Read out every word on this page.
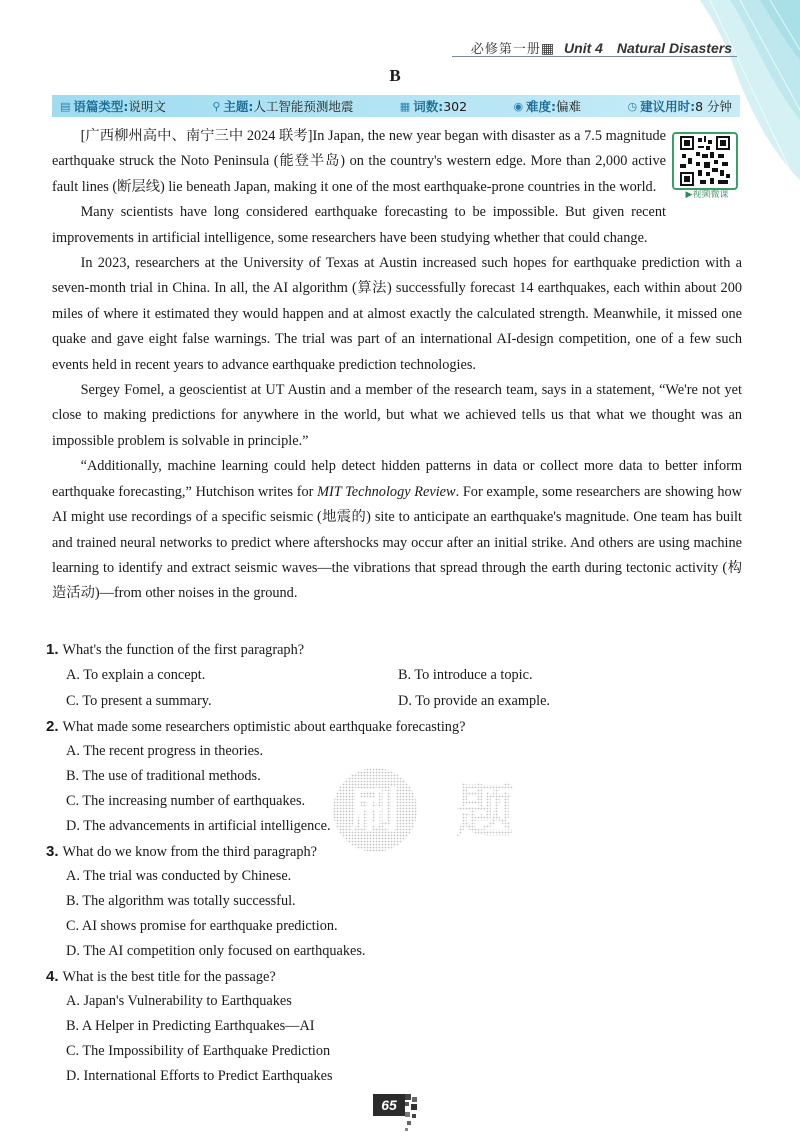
必修第一册▦ Unit 4 Natural Disasters
B
▤ 语篇类型: 说明文	⚲ 主题: 人工智能预测地震	▦ 词数: 302	◉ 难度: 偏难	◷ 建议用时: 8 分钟
▶视频微课

[广西柳州高中、南宁三中 2024 联考]In Japan, the new year began with disaster as a 7.5 magnitude earthquake struck the Noto Peninsula (能登半岛) on the country's western edge. More than 2,000 active fault lines (断层线) lie beneath Japan, making it one of the most earthquake-prone countries in the world.

Many scientists have long considered earthquake forecasting to be impossible. But given recent improvements in artificial intelligence, some researchers have been studying whether that could change.

In 2023, researchers at the University of Texas at Austin increased such hopes for earthquake prediction with a seven-month trial in China. In all, the AI algorithm (算法) successfully forecast 14 earthquakes, each within about 200 miles of where it estimated they would happen and at almost exactly the calculated strength. Meanwhile, it missed one quake and gave eight false warnings. The trial was part of an international AI-design competition, one of a few such events held in recent years to advance earthquake prediction technologies.

Sergey Fomel, a geoscientist at UT Austin and a member of the research team, says in a statement, “We're not yet close to making predictions for anywhere in the world, but what we achieved tells us that what we thought was an impossible problem is solvable in principle.”

“Additionally, machine learning could help detect hidden patterns in data or collect more data to better inform earthquake forecasting,” Hutchison writes for MIT Technology Review. For example, some researchers are showing how AI might use recordings of a specific seismic (地震的) site to anticipate an earthquake's magnitude. One team has built and trained neural networks to predict where aftershocks may occur after an initial strike. And others are using machine learning to identify and extract seismic waves—the vibrations that spread through the earth during tectonic activity (构造活动)—from other noises in the ground.

刷 题
1. What's the function of the first paragraph?
A. To explain a concept.	B. To introduce a topic.
C. To present a summary.	D. To provide an example.
2. What made some researchers optimistic about earthquake forecasting?
A. The recent progress in theories.
B. The use of traditional methods.
C. The increasing number of earthquakes.
D. The advancements in artificial intelligence.
3. What do we know from the third paragraph?
A. The trial was conducted by Chinese.
B. The algorithm was totally successful.
C. AI shows promise for earthquake prediction.
D. The AI competition only focused on earthquakes.
4. What is the best title for the passage?
A. Japan's Vulnerability to Earthquakes
B. A Helper in Predicting Earthquakes—AI
C. The Impossibility of Earthquake Prediction
D. International Efforts to Predict Earthquakes
65
